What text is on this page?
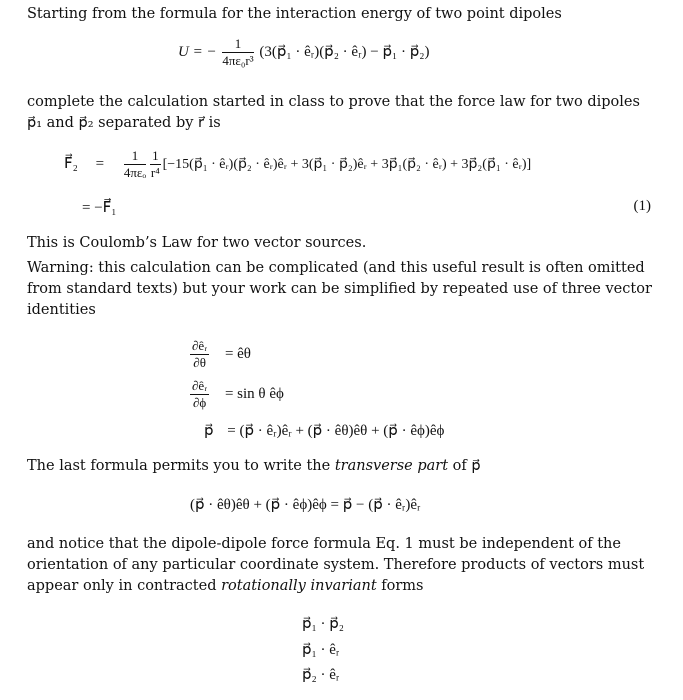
Starting from the formula for the interaction energy of two point dipoles

U = − $\frac{1}{\text{4πε₀r³}}$ (3(p⃗₁ · êᵣ)(p⃗₂ · êᵣ) − p⃗₁ · p⃗₂)

complete the calculation started in class to prove that the force law for two dipoles p⃗₁ and p⃗₂ separated by r⃗ is

F⃗₂ = $\frac{1}{\text{4πεₒ}} \frac{1}{\text{r⁴}}$ [−15(p⃗₁ · êᵣ)(p⃗₂ · êᵣ)êᵣ + 3(p⃗₁ · p⃗₂)êᵣ + 3p⃗₁(p⃗₂ · êᵣ) + 3p⃗₂(p⃗₁ · êᵣ)]
= −F⃗₁	(1)

This is Coulomb’s Law for two vector sources.

Warning: this calculation can be complicated (and this useful result is often omitted from standard texts) but your work can be simplified by repeated use of three vector identities

$\frac{\text{∂êᵣ}}{\partial\theta}$ = êθ
$\frac{\text{∂êᵣ}}{\partial\phi} = \sin \theta$ êϕ
p⃗ = (p⃗ · êᵣ)êᵣ + (p⃗ · êθ)êθ + (p⃗ · êϕ)êϕ

The last formula permits you to write the transverse part of p⃗

(p⃗ · êθ)êθ + (p⃗ · êϕ)êϕ = p⃗ − (p⃗ · êᵣ)êᵣ

and notice that the dipole-dipole force formula Eq. 1 must be independent of the orientation of any particular coordinate system. Therefore products of vectors must appear only in contracted rotationally invariant forms

p⃗₁ · p⃗₂
p⃗₁ · êᵣ
p⃗₂ · êᵣ
